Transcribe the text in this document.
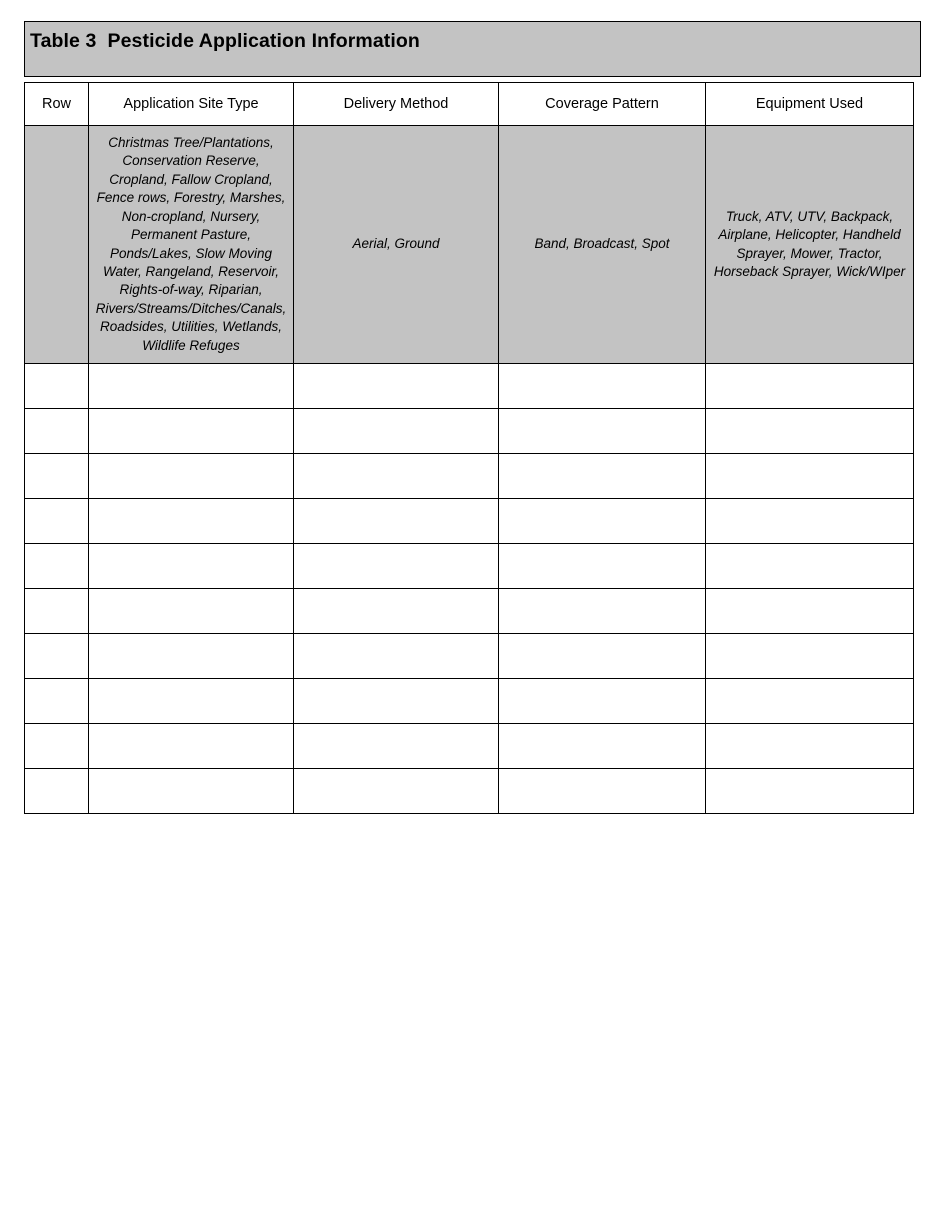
Table 3  Pesticide Application Information
Row	Application Site Type	Delivery Method	Coverage Pattern	Equipment Used
	Christmas Tree/Plantations, Conservation Reserve, Cropland, Fallow Cropland, Fence rows, Forestry, Marshes, Non-cropland, Nursery, Permanent Pasture, Ponds/Lakes, Slow Moving Water, Rangeland, Reservoir, Rights-of-way, Riparian, Rivers/Streams/Ditches/Canals, Roadsides, Utilities, Wetlands, Wildlife Refuges	Aerial, Ground	Band, Broadcast, Spot	Truck, ATV, UTV, Backpack, Airplane, Helicopter, Handheld Sprayer, Mower, Tractor, Horseback Sprayer, Wick/WIper
